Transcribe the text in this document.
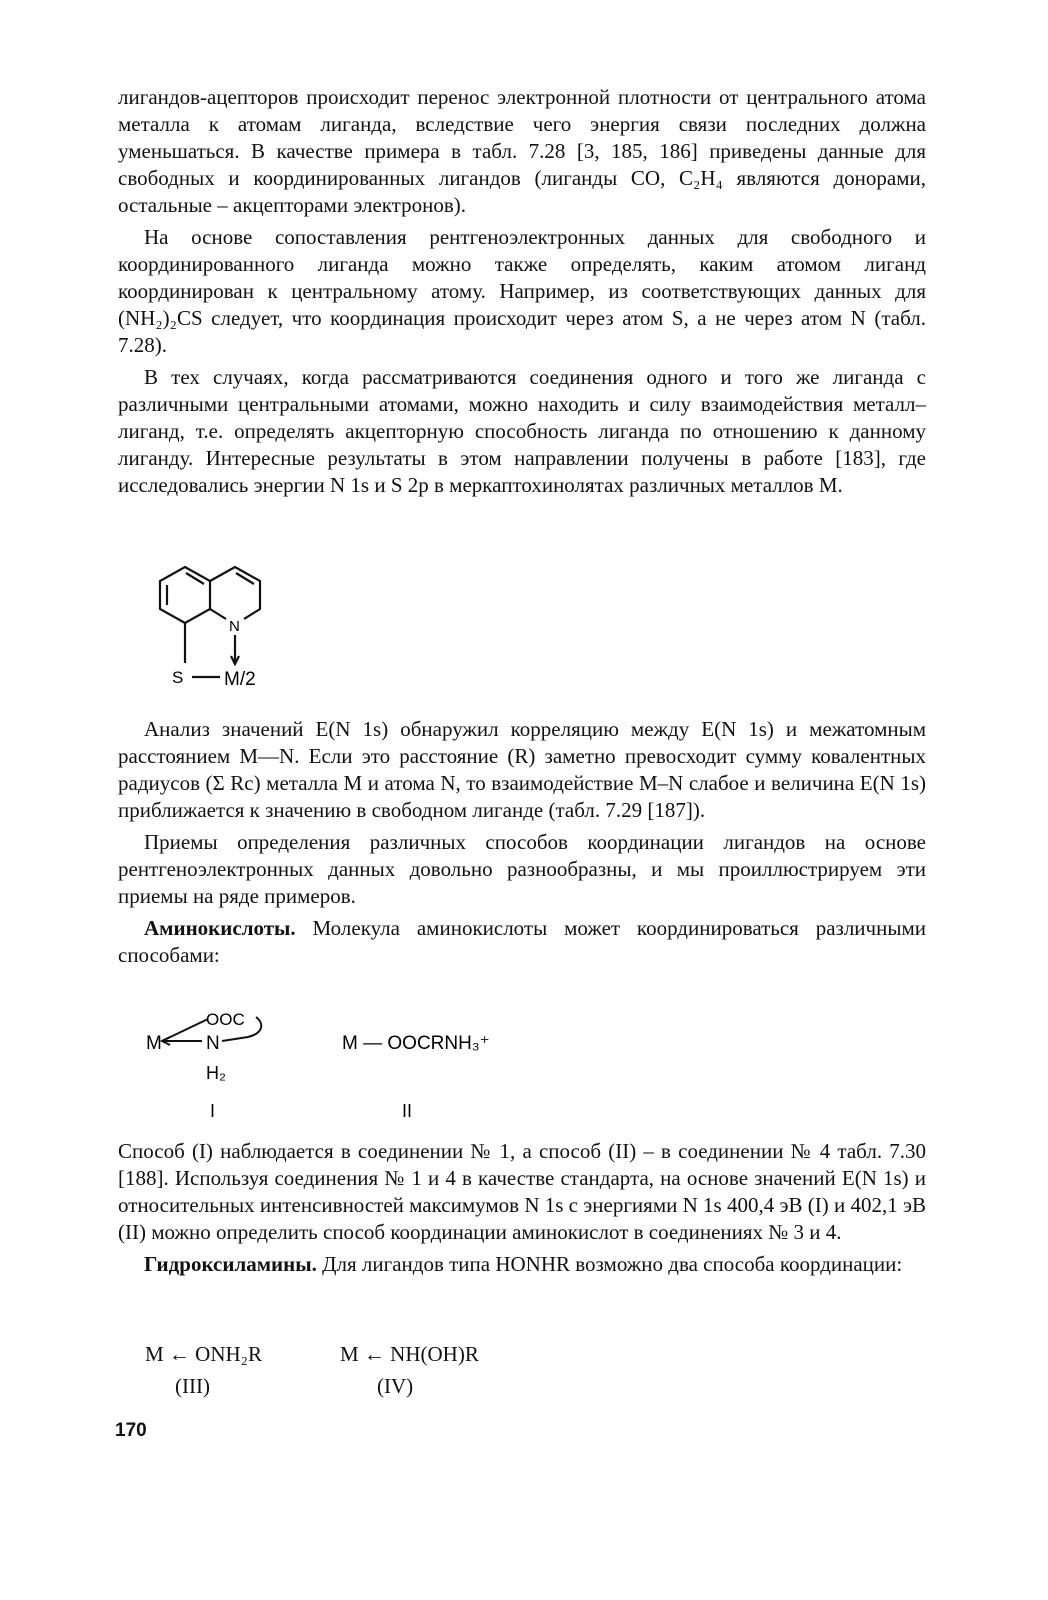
лигандов-ацепторов происходит перенос электронной плотности от центрального атома металла к атомам лиганда, вследствие чего энергия связи последних должна уменьшаться. В качестве примера в табл. 7.28 [3, 185, 186] приведены данные для свободных и координированных лигандов (лиганды CO, C₂H₄ являются донорами, остальные – акцепторами электронов).

На основе сопоставления рентгеноэлектронных данных для свободного и координированного лиганда можно также определять, каким атомом лиганд координирован к центральному атому. Например, из соответствующих данных для (NH₂)₂CS следует, что координация происходит через атом S, а не через атом N (табл. 7.28).

В тех случаях, когда рассматриваются соединения одного и того же лиганда с различными центральными атомами, можно находить и силу взаимодействия металл–лиганд, т.е. определять акцепторную способность лиганда по отношению к данному лиганду. Интересные результаты в этом направлении получены в работе [183], где исследовались энергии N 1s и S 2p в меркаптохинолятах различных металлов M.

N
S M/2

Анализ значений E(N 1s) обнаружил корреляцию между E(N 1s) и межатомным расстоянием M—N. Если это расстояние (R) заметно превосходит сумму ковалентных радиусов (Σ Rc) металла M и атома N, то взаимодействие M–N слабое и величина E(N 1s) приближается к значению в свободном лиганде (табл. 7.29 [187]).

Приемы определения различных способов координации лигандов на основе рентгеноэлектронных данных довольно разнообразны, и мы проиллюстрируем эти приемы на ряде примеров.

Аминокислоты. Молекула аминокислоты может координироваться различными способами:

M
OOC
N
H₂
I
M — OOCRNH₃⁺
II

Способ (I) наблюдается в соединении № 1, а способ (II) – в соединении № 4 табл. 7.30 [188]. Используя соединения № 1 и 4 в качестве стандарта, на основе значений E(N 1s) и относительных интенсивностей максимумов N 1s с энергиями N 1s 400,4 эВ (I) и 402,1 эВ (II) можно определить способ координации аминокислот в соединениях № 3 и 4.

Гидроксиламины. Для лигандов типа HONHR возможно два способа координации:

M ← ONH₂R
(III)
M ← NH(OH)R
(IV)
170
